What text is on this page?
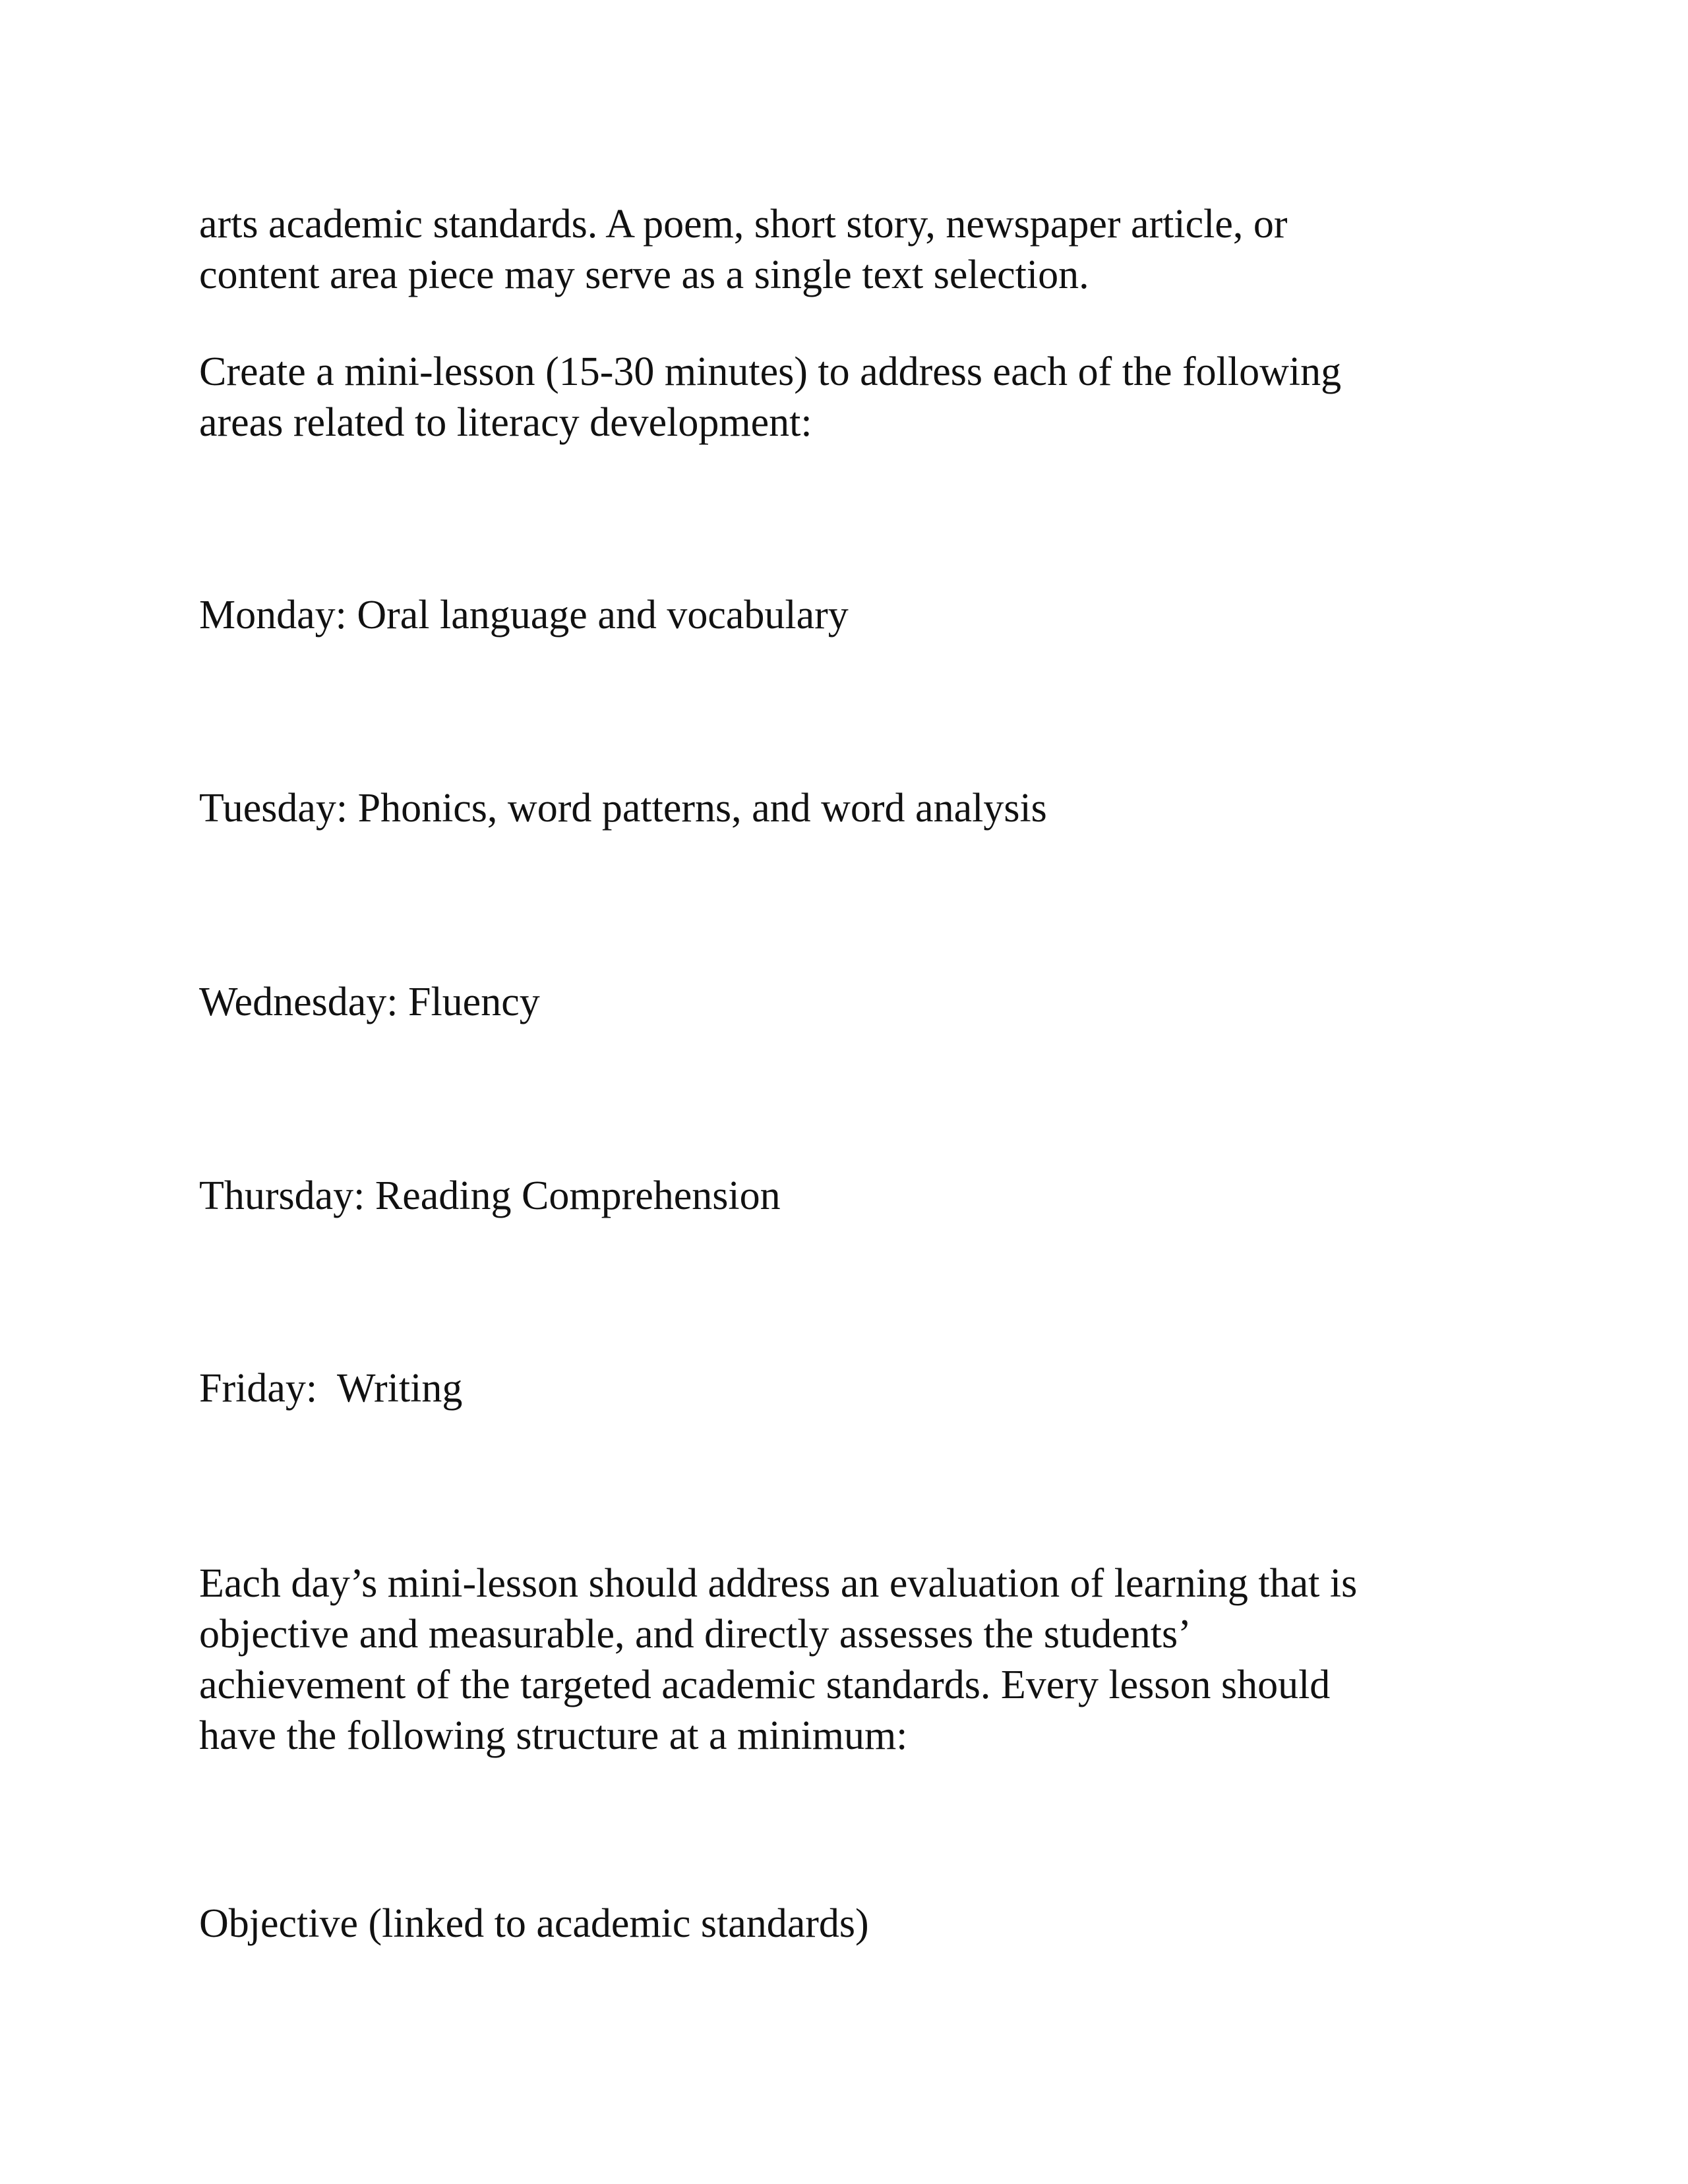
arts academic standards. A poem, short story, newspaper article, or
content area piece may serve as a single text selection.

Create a mini-lesson (15-30 minutes) to address each of the following
areas related to literacy development:

Monday: Oral language and vocabulary

Tuesday: Phonics, word patterns, and word analysis

Wednesday: Fluency

Thursday: Reading Comprehension

Friday:  Writing

Each day’s mini-lesson should address an evaluation of learning that is
objective and measurable, and directly assesses the students’
achievement of the targeted academic standards. Every lesson should
have the following structure at a minimum:

Objective (linked to academic standards)
